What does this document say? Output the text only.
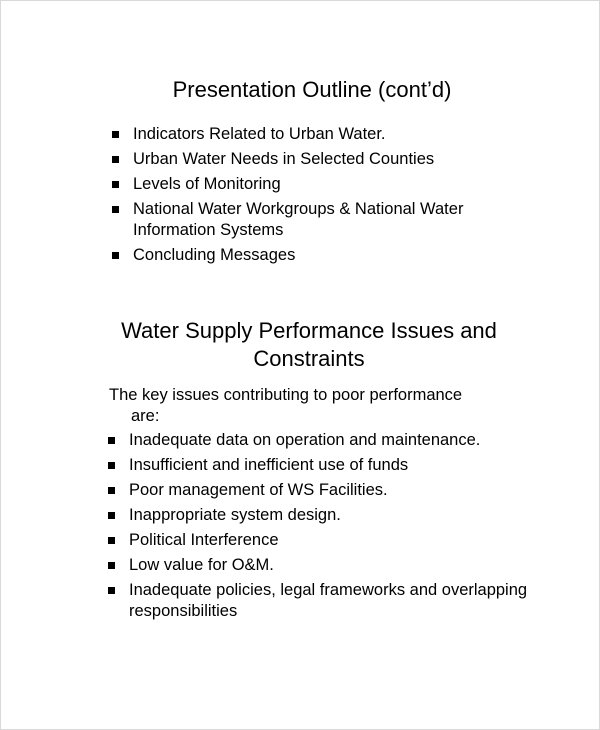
Presentation Outline (cont’d)
Indicators Related to Urban Water.
Urban Water Needs in Selected Counties
Levels of Monitoring
National Water Workgroups & National Water Information Systems
Concluding Messages
Water Supply Performance Issues and Constraints

The key issues contributing to poor performance
are:

Inadequate data on operation and maintenance.
Insufficient and inefficient use of funds
Poor management of WS Facilities.
Inappropriate system design.
Political Interference
Low value for O&M.
Inadequate policies, legal frameworks and overlapping responsibilities
